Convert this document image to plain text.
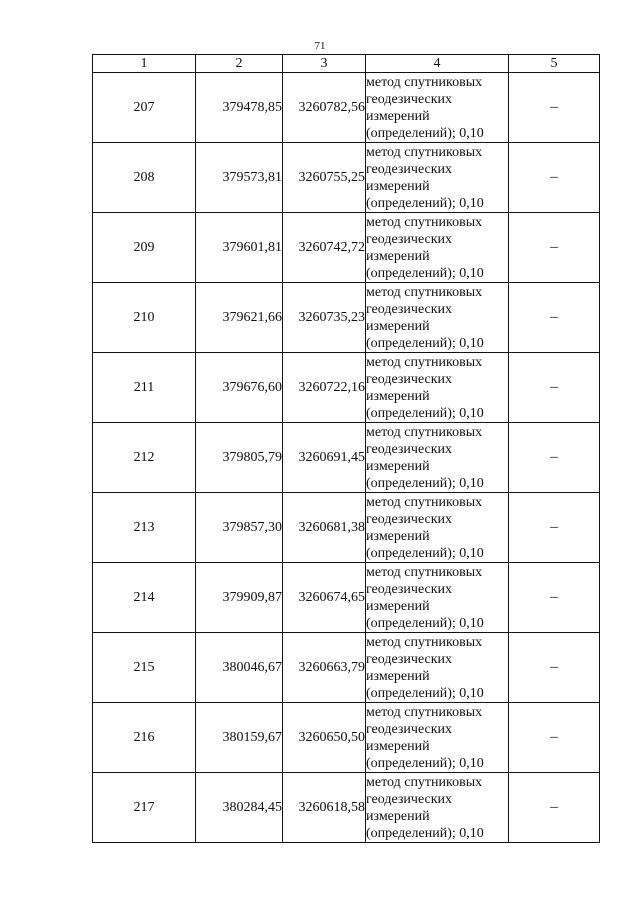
71
1	2	3	4	5
207	379478,85	3260782,56	метод спутниковых
геодезических
измерений
(определений); 0,10	–
208	379573,81	3260755,25	метод спутниковых
геодезических
измерений
(определений); 0,10	–
209	379601,81	3260742,72	метод спутниковых
геодезических
измерений
(определений); 0,10	–
210	379621,66	3260735,23	метод спутниковых
геодезических
измерений
(определений); 0,10	–
211	379676,60	3260722,16	метод спутниковых
геодезических
измерений
(определений); 0,10	–
212	379805,79	3260691,45	метод спутниковых
геодезических
измерений
(определений); 0,10	–
213	379857,30	3260681,38	метод спутниковых
геодезических
измерений
(определений); 0,10	–
214	379909,87	3260674,65	метод спутниковых
геодезических
измерений
(определений); 0,10	–
215	380046,67	3260663,79	метод спутниковых
геодезических
измерений
(определений); 0,10	–
216	380159,67	3260650,50	метод спутниковых
геодезических
измерений
(определений); 0,10	–
217	380284,45	3260618,58	метод спутниковых
геодезических
измерений
(определений); 0,10	–
